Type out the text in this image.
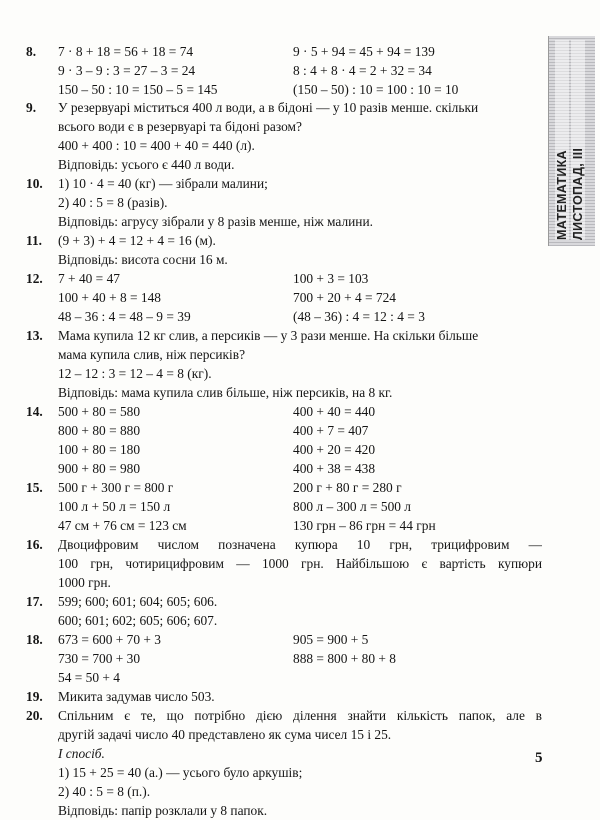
МАТЕМАТИКА ЛИСТОПАД, III
8. 7 · 8 + 18 = 56 + 18 = 74	9 · 5 + 94 = 45 + 94 = 139
9 · 3 – 9 : 3 = 27 – 3 = 24	8 : 4 + 8 · 4 = 2 + 32 = 34
150 – 50 : 10 = 150 – 5 = 145	(150 – 50) : 10 = 100 : 10 = 10
9. У резервуарі міститься 400 л води, а в бідоні — у 10 разів менше. скільки
всього води є в резервуарі та бідоні разом?
400 + 400 : 10 = 400 + 40 = 440 (л).
Відповідь: усього є 440 л води.
10. 1) 10 · 4 = 40 (кг) — зібрали малини;
2) 40 : 5 = 8 (разів).
Відповідь: агрусу зібрали у 8 разів менше, ніж малини.
11. (9 + 3) + 4 = 12 + 4 = 16 (м).
Відповідь: висота сосни 16 м.
12. 7 + 40 = 47	100 + 3 = 103
100 + 40 + 8 = 148	700 + 20 + 4 = 724
48 – 36 : 4 = 48 – 9 = 39	(48 – 36) : 4 = 12 : 4 = 3
13. Мама купила 12 кг слив, а персиків — у 3 рази менше. На скільки більше
мама купила слив, ніж персиків?
12 – 12 : 3 = 12 – 4 = 8 (кг).
Відповідь: мама купила слив більше, ніж персиків, на 8 кг.
14. 500 + 80 = 580	400 + 40 = 440
800 + 80 = 880	400 + 7 = 407
100 + 80 = 180	400 + 20 = 420
900 + 80 = 980	400 + 38 = 438
15. 500 г + 300 г = 800 г	200 г + 80 г = 280 г
100 л + 50 л = 150 л	800 л – 300 л = 500 л
47 см + 76 см = 123 см	130 грн – 86 грн = 44 грн
16. Двоцифровим числом позначена купюра 10 грн, трицифровим —
100 грн, чотирицифровим — 1000 грн. Найбільшою є вартість купюри
1000 грн.
17. 599; 600; 601; 604; 605; 606.
600; 601; 602; 605; 606; 607.
18. 673 = 600 + 70 + 3	905 = 900 + 5
730 = 700 + 30	888 = 800 + 80 + 8
54 = 50 + 4
19. Микита задумав число 503.
20. Спільним є те, що потрібно дією ділення знайти кількість папок, але в
другій задачі число 40 представлено як сума чисел 15 і 25.
I спосіб.
1) 15 + 25 = 40 (а.) — усього було аркушів;
2) 40 : 5 = 8 (п.).
Відповідь: папір розклали у 8 папок.
5
